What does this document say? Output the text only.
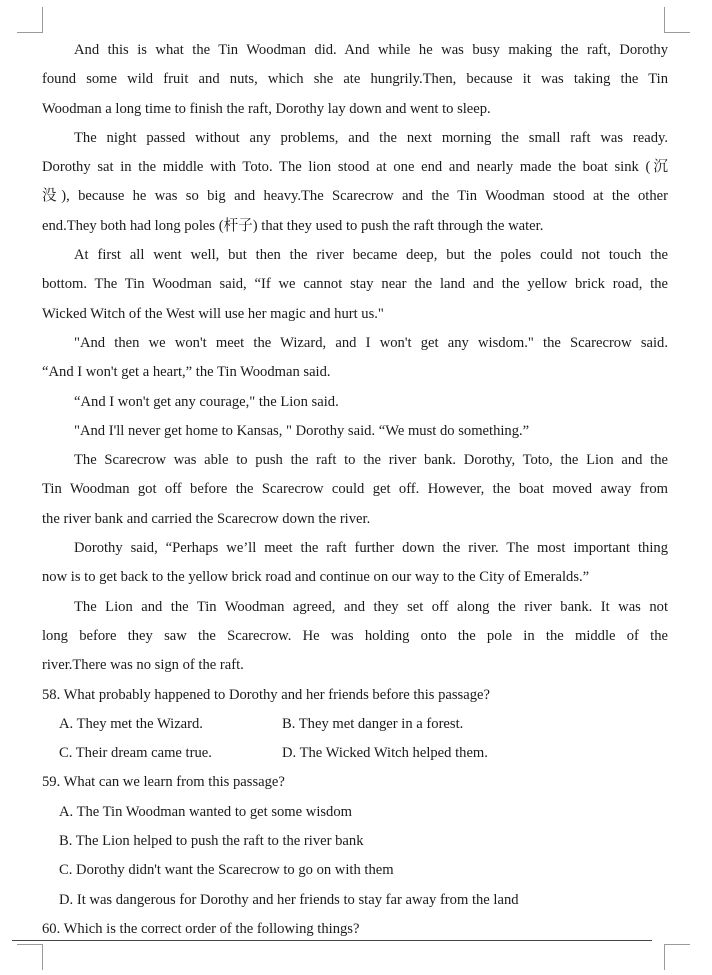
And this is what the Tin Woodman did. And while he was busy making the raft, Dorothy
found some wild fruit and nuts, which she ate hungrily.Then, because it was taking the Tin
Woodman a long time to finish the raft, Dorothy lay down and went to sleep.
The night passed without any problems, and the next morning the small raft was ready.
Dorothy sat in the middle with Toto. The lion stood at one end and nearly made the boat sink (沉
没), because he was so big and heavy.The Scarecrow and the Tin Woodman stood at the other
end.They both had long poles (杆子) that they used to push the raft through the water.
At first all went well, but then the river became deep, but the poles could not touch the
bottom. The Tin Woodman said, “If we cannot stay near the land and the yellow brick road, the
Wicked Witch of the West will use her magic and hurt us."
"And then we won't meet the Wizard, and I won't get any wisdom." the Scarecrow said.
“And I won't get a heart,” the Tin Woodman said.
“And I won't get any courage," the Lion said.
"And I'll never get home to Kansas, " Dorothy said. “We must do something.”
The Scarecrow was able to push the raft to the river bank. Dorothy, Toto, the Lion and the
Tin Woodman got off before the Scarecrow could get off. However, the boat moved away from
the river bank and carried the Scarecrow down the river.
Dorothy said, “Perhaps we’ll meet the raft further down the river. The most important thing
now is to get back to the yellow brick road and continue on our way to the City of Emeralds.”
The Lion and the Tin Woodman agreed, and they set off along the river bank. It was not
long before they saw the Scarecrow. He was holding onto the pole in the middle of the
river.There was no sign of the raft.
58. What probably happened to Dorothy and her friends before this passage?
A. They met the Wizard.	B. They met danger in a forest.
C. Their dream came true.	D. The Wicked Witch helped them.
59. What can we learn from this passage?
A. The Tin Woodman wanted to get some wisdom
B. The Lion helped to push the raft to the river bank
C. Dorothy didn't want the Scarecrow to go on with them
D. It was dangerous for Dorothy and her friends to stay far away from the land
60. Which is the correct order of the following things?
